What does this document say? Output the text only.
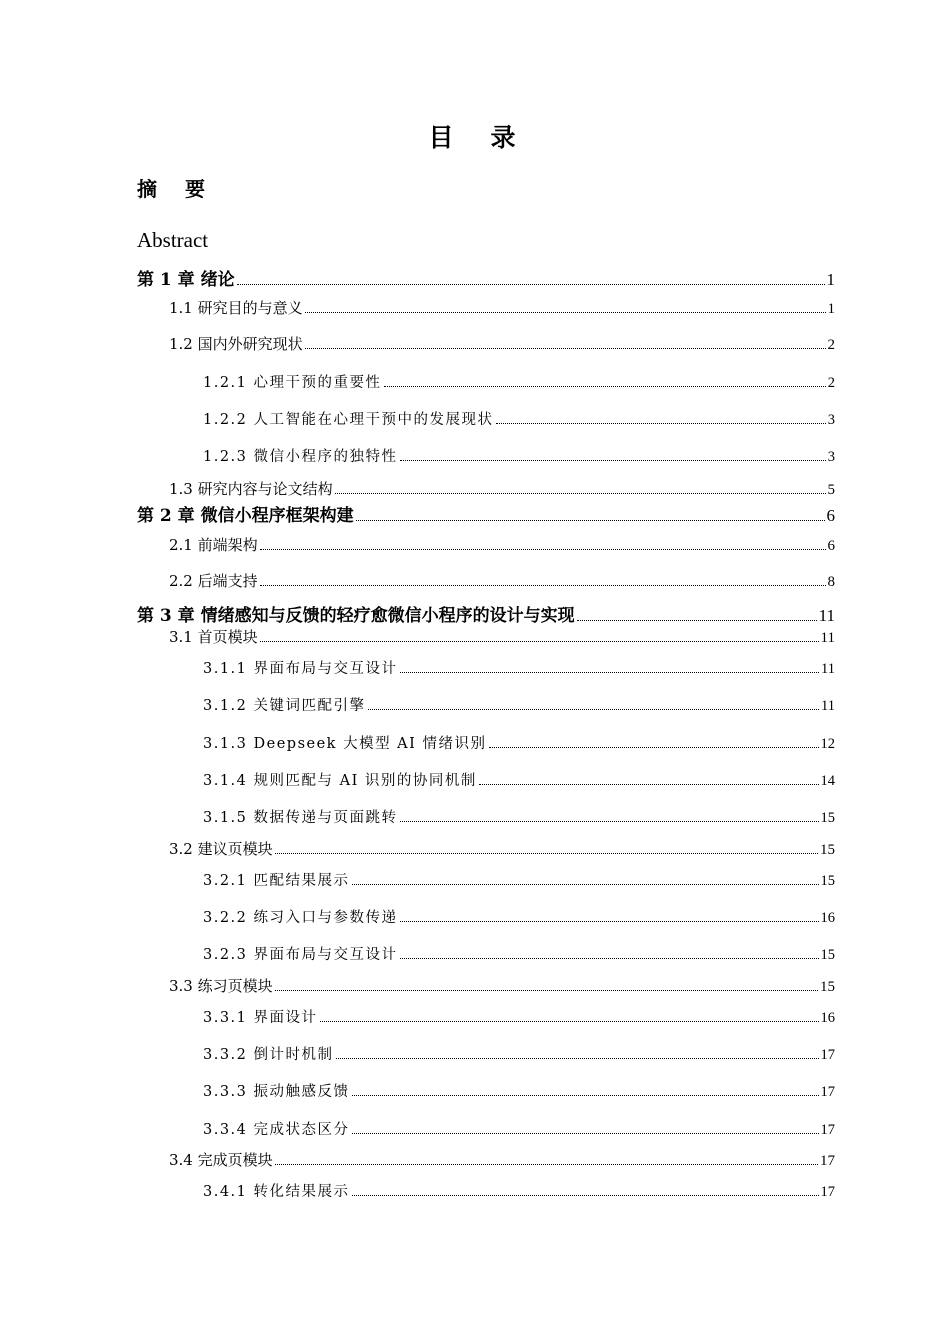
目　录
摘　要
Abstract
第 1 章 绪论	1
1.1 研究目的与意义	1
1.2 国内外研究现状	2
1.2.1 心理干预的重要性	2
1.2.2 人工智能在心理干预中的发展现状	3
1.2.3 微信小程序的独特性	3
1.3 研究内容与论文结构	5
第 2 章 微信小程序框架构建	6
2.1 前端架构	6
2.2 后端支持	8
第 3 章 情绪感知与反馈的轻疗愈微信小程序的设计与实现	11
3.1 首页模块	11
3.1.1 界面布局与交互设计	11
3.1.2 关键词匹配引擎	11
3.1.3 Deepseek 大模型 AI 情绪识别	12
3.1.4 规则匹配与 AI 识别的协同机制	14
3.1.5 数据传递与页面跳转	15
3.2 建议页模块	15
3.2.1 匹配结果展示	15
3.2.2 练习入口与参数传递	16
3.2.3 界面布局与交互设计	15
3.3 练习页模块	15
3.3.1 界面设计	16
3.3.2 倒计时机制	17
3.3.3 振动触感反馈	17
3.3.4 完成状态区分	17
3.4 完成页模块	17
3.4.1 转化结果展示	17
